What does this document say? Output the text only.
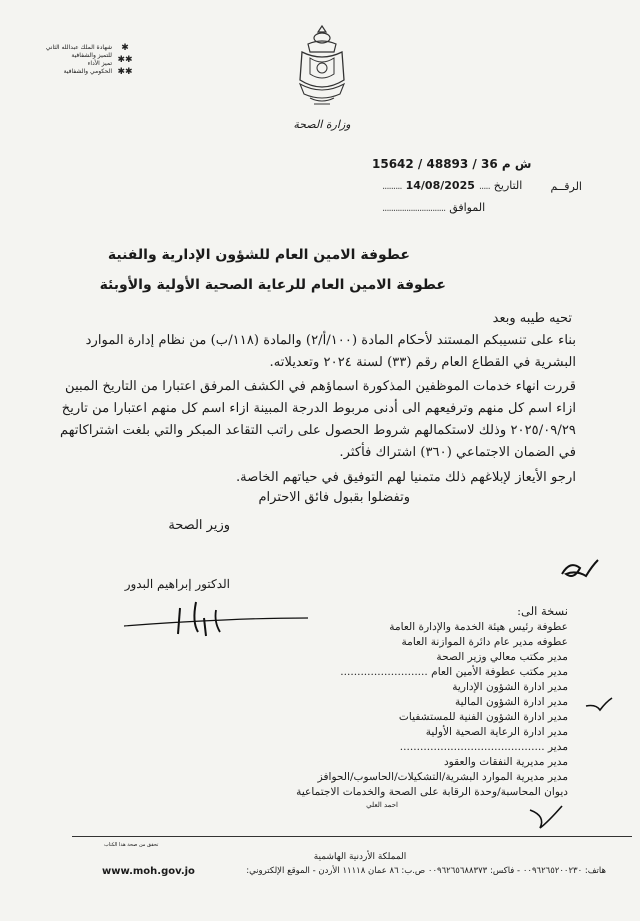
وزارة الصحة
شهادة الملك عبدالله الثاني
للتميز والشفافية
تميز الأداء
الحكومي والشفافية
✱
✱✱
✱✱
ش م 36 / 48893 / 15642
التاريخ
.....
14/08/2025
.........
الموافق
.............................
الرقــم
عطوفة الامين العام للشؤون الإدارية والفنية
عطوفة الامين العام للرعاية الصحية الأولية والأوبئة
تحيه طيبه وبعد
بناء على تنسيبكم المستند لأحكام المادة (١٠٠/أ/٢) والمادة (١١٨/ب) من نظام إدارة الموارد البشرية في القطاع العام رقم (٣٣) لسنة ٢٠٢٤ وتعديلاته.
قررت انهاء خدمات الموظفين المذكورة اسماؤهم في الكشف المرفق اعتبارا من التاريخ المبين ازاء اسم كل منهم وترفيعهم الى أدنى مربوط الدرجة المبينة ازاء اسم كل منهم اعتبارا من تاريخ ٢٠٢٥/٠٩/٢٩ وذلك لاستكمالهم شروط الحصول على راتب التقاعد المبكر والتي بلغت اشتراكاتهم في الضمان الاجتماعي (٣٦٠) اشتراك فأكثر.
ارجو الأيعاز لإبلاغهم ذلك متمنيا لهم التوفيق في حياتهم الخاصة.
وتفضلوا بقبول فائق الاحترام
وزير الصحة
الدكتور إبراهيم البدور
نسخة الى:
عطوفة رئيس هيئة الخدمة والإدارة العامة
عطوفه مدير عام دائرة الموازنة العامة
مدير مكتب معالي وزير الصحة
مدير مكتب عطوفة الأمين العام ..........................
مدير ادارة الشؤون الإدارية
مدير ادارة الشؤون المالية
مدير ادارة الشؤون الفنية للمستشفيات
مدير ادارة الرعاية الصحية الأولية
مدير ...........................................
مدير مديرية النفقات والعقود
مدير مديرية الموارد البشرية/التشكيلات/الحاسوب/الحوافز
ديوان المحاسبة/وحدة الرقابة على الصحة والخدمات الاجتماعية
احمد العلي
تحقق من صحة هذا الكتاب
المملكة الأردنية الهاشمية
هاتف: ٠٠٩٦٢٦٥٢٠٠٢٣٠ - فاكس: ٠٠٩٦٢٦٥٦٨٨٣٧٣ ص.ب: ٨٦ عمان ١١١١٨ الأردن - الموقع الإلكتروني:
www.moh.gov.jo
